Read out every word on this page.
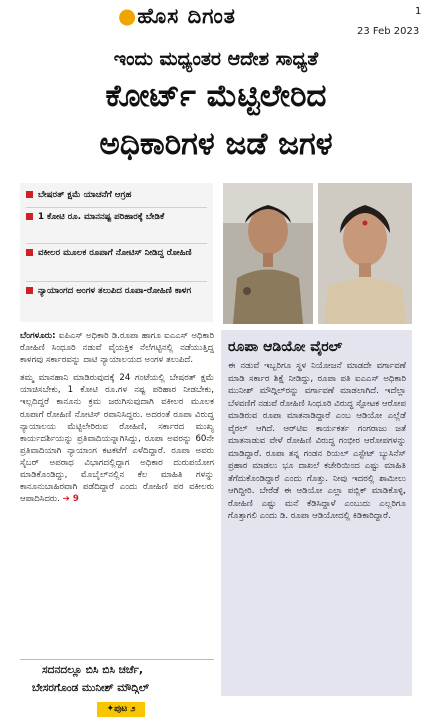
●ಹೊಸ ದಿಗಂತ	1
23 Feb 2023
ಇಂದು ಮಧ್ಯಂತರ ಆದೇಶ ಸಾಧ್ಯತೆ
ಕೋರ್ಟ್ ಮೆಟ್ಟಿಲೇರಿದ
ಅಧಿಕಾರಿಗಳ ಜಡೆ ಜಗಳ
ಬೇಷರತ್ ಕ್ಷಮೆ ಯಾಚನೆಗೆ ಆಗ್ರಹ
1 ಕೋಟಿ ರೂ. ಮಾನನಷ್ಟ ಪರಿಹಾರಕ್ಕೆ ಬೇಡಿಕೆ
ವಕೀಲರ ಮೂಲಕ ರೂಪಾಗೆ ನೋಟಿಸ್ ನೀಡಿದ್ದ ರೋಹಿಣಿ
ನ್ಯಾಯಾಂಗದ ಅಂಗಳ ತಲುಪಿದ ರೂಪಾ-ರೋಹಿಣಿ ಕಾಳಗ

ಬೆಂಗಳೂರು: ಐಪಿಎಸ್ ಅಧಿಕಾರಿ ಡಿ.ರೂಪಾ ಹಾಗೂ ಐಎಎಸ್ ಅಧಿಕಾರಿ ರೋಹಿಣಿ ಸಿಂಧೂರಿ ನಡುವೆ ವೈಯಕ್ತಿಕ ನೆಲೆಗಟ್ಟಿನಲ್ಲಿ ನಡೆಯುತ್ತಿದ್ದ ಕಾಳಗವು ಸರ್ಕಾರವನ್ನು ದಾಟಿ ನ್ಯಾಯಾಲಯದ ಅಂಗಳ ತಲುಪಿದೆ.

ತಮ್ಮ ಮಾನಹಾನಿ ಮಾಡಿರುವುದಕ್ಕೆ 24 ಗಂಟೆಯಲ್ಲಿ ಬೇಷರತ್ ಕ್ಷಮೆ ಯಾಚಿಸಬೇಕು, 1 ಕೋಟಿ ರೂ.ಗಳ ನಷ್ಟ ಪರಿಹಾರ ನೀಡಬೇಕು, ಇಲ್ಲದಿದ್ದರೆ ಕಾನೂನು ಕ್ರಮ ಜರುಗಿಸುವುದಾಗಿ ವಕೀಲರ ಮೂಲಕ ರೂಪಾಗೆ ರೋಹಿಣಿ ನೋಟಿಸ್ ರವಾನಿಸಿದ್ದರು. ಅದರಂತೆ ರೂಪಾ ವಿರುದ್ಧ ನ್ಯಾಯಾಲಯ ಮೆಟ್ಟಿಲೇರಿರುವ ರೋಹಿಣಿ, ಸರ್ಕಾರದ ಮುಖ್ಯ ಕಾರ್ಯದರ್ಶಿಯನ್ನು ಪ್ರತಿವಾದಿಯನ್ನಾಗಿಸಿದ್ದು, ರೂಪಾ ಅವರನ್ನು 60ನೇ ಪ್ರತಿವಾದಿಯಾಗಿ ನ್ಯಾಯಾಂಗ ಕಟಕಟೆಗೆ ಎಳೆದಿದ್ದಾರೆ. ರೂಪಾ ಅವರು ಸೈಬರ್ ಅಪರಾಧ ವಿಭಾಗದಲ್ಲಿದ್ದಾಗ ಅಧಿಕಾರ ದುರುಪಯೋಗ ಮಾಡಿಕೊಂಡಿದ್ದು, ಮೊಬೈಲ್‌ನಲ್ಲಿನ ಕೆಲ ಮಾಹಿತಿ ಗಳನ್ನು ಕಾನೂನುಬಾಹಿರವಾಗಿ ಪಡೆದಿದ್ದಾರೆ ಎಂದು ರೋಹಿಣಿ ಪರ ವಕೀಲರು ಆಪಾದಿಸಿದರು. ➔ 9

ರೂಪಾ ಆಡಿಯೋ ವೈರಲ್
ಈ ನಡುವೆ ಇಬ್ಬರಿಗೂ ಸ್ಥಳ ನಿಯೋಜನೆ ಮಾಡದೇ ವರ್ಗಾವಣೆ ಮಾಡಿ ಸರ್ಕಾರ ಶಿಕ್ಷೆ ನೀಡಿದ್ದು, ರೂಪಾ ಪತಿ ಐಎಎಸ್ ಅಧಿಕಾರಿ ಮುನೀಶ್ ಮೌದ್ಗಿಲ್‌ರನ್ನು ವರ್ಗಾವಣೆ ಮಾಡಲಾಗಿದೆ. ಇದೆಲ್ಲಾ ಬೆಳವಣಿಗೆ ನಡುವೆ ರೋಹಿಣಿ ಸಿಂಧೂರಿ ವಿರುದ್ಧ ಸ್ಫೋಟಕ ಆರೋಪ ಮಾಡಿರುವ ರೂಪಾ ಮಾತನಾಡಿದ್ದಾರೆ ಎಂಬ ಆಡಿಯೋ ಎಲ್ಲೆಡೆ ವೈರಲ್ ಆಗಿದೆ. ಆರ್‌ಟಿಐ ಕಾರ್ಯಕರ್ತ ಗಂಗರಾಜು ಜತೆ ಮಾತನಾಡುವ ವೇಳೆ ರೋಹಿಣಿ ವಿರುದ್ಧ ಗಂಭೀರ ಆರೋಪಗಳನ್ನು ಮಾಡಿದ್ದಾರೆ. ರೂಪಾ ತನ್ನ ಗಂಡನ ರಿಯಲ್ ಎಸ್ಟೇಟ್ ಬ್ಯುಸಿನೆಸ್ ಪ್ರಹಾರ ಮಾಡಲು ಭೂ ದಾಖಲೆ ಕಚೇರಿಯಿಂದ ಎಷ್ಟು ಮಾಹಿತಿ ತೆಗೆದುಕೊಂಡಿದ್ದಾರೆ ಎಂದು ಗೊತ್ತು. ನೀವು ಇದರಲ್ಲಿ ಶಾಮೀಲು ಆಗಿದ್ದೀರಿ. ಬೇರೆಡೆ ಈ ಆಡಿಯೋ ಎಲ್ಲಾ ಪಬ್ಲಿಕ್ ಮಾಡಿಕೊಳ್ಳಿ, ರೋಹಿಣಿ ಎಷ್ಟು ಮನೆ ಕೆಡಿಸಿದ್ದಾಳೆ ಎಂಬುದು ಎಲ್ಲರಿಗೂ ಗೊತ್ತಾಗಲಿ ಎಂದು ಡಿ. ರೂಪಾ ಆಡಿಯೋದಲ್ಲಿ ಕಿಡಿಕಾರಿದ್ದಾರೆ.
ಸದನದಲ್ಲೂ ಬಿಸಿ ಬಿಸಿ ಚರ್ಚೆ,
ಬೇಸರಗೊಂಡ ಮುನೀಶ್ ಮೌದ್ಗಿಲ್
✦ಪುಟ ೨
